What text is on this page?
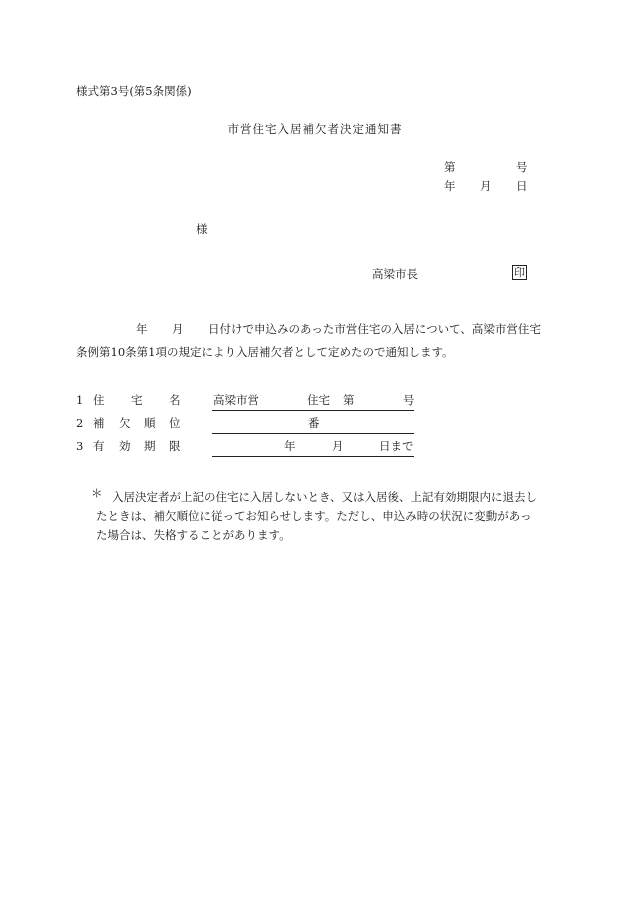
様式第3号(第5条関係)
市営住宅入居補欠者決定通知書
第	号
年 月 日
様
高梁市長	印
年 月 日付けで申込みのあった市営住宅の入居について、高梁市営住宅
条例第10条第1項の規定により入居補欠者として定めたので通知します。
1 住 宅 名	高梁市営	住宅 第	号
2 補 欠 順 位	番
3 有 効 期 限	年	月	日まで
＊ 入居決定者が上記の住宅に入居しないとき、又は入居後、上記有効期限内に退去し
たときは、補欠順位に従ってお知らせします。ただし、申込み時の状況に変動があっ
た場合は、失格することがあります。
